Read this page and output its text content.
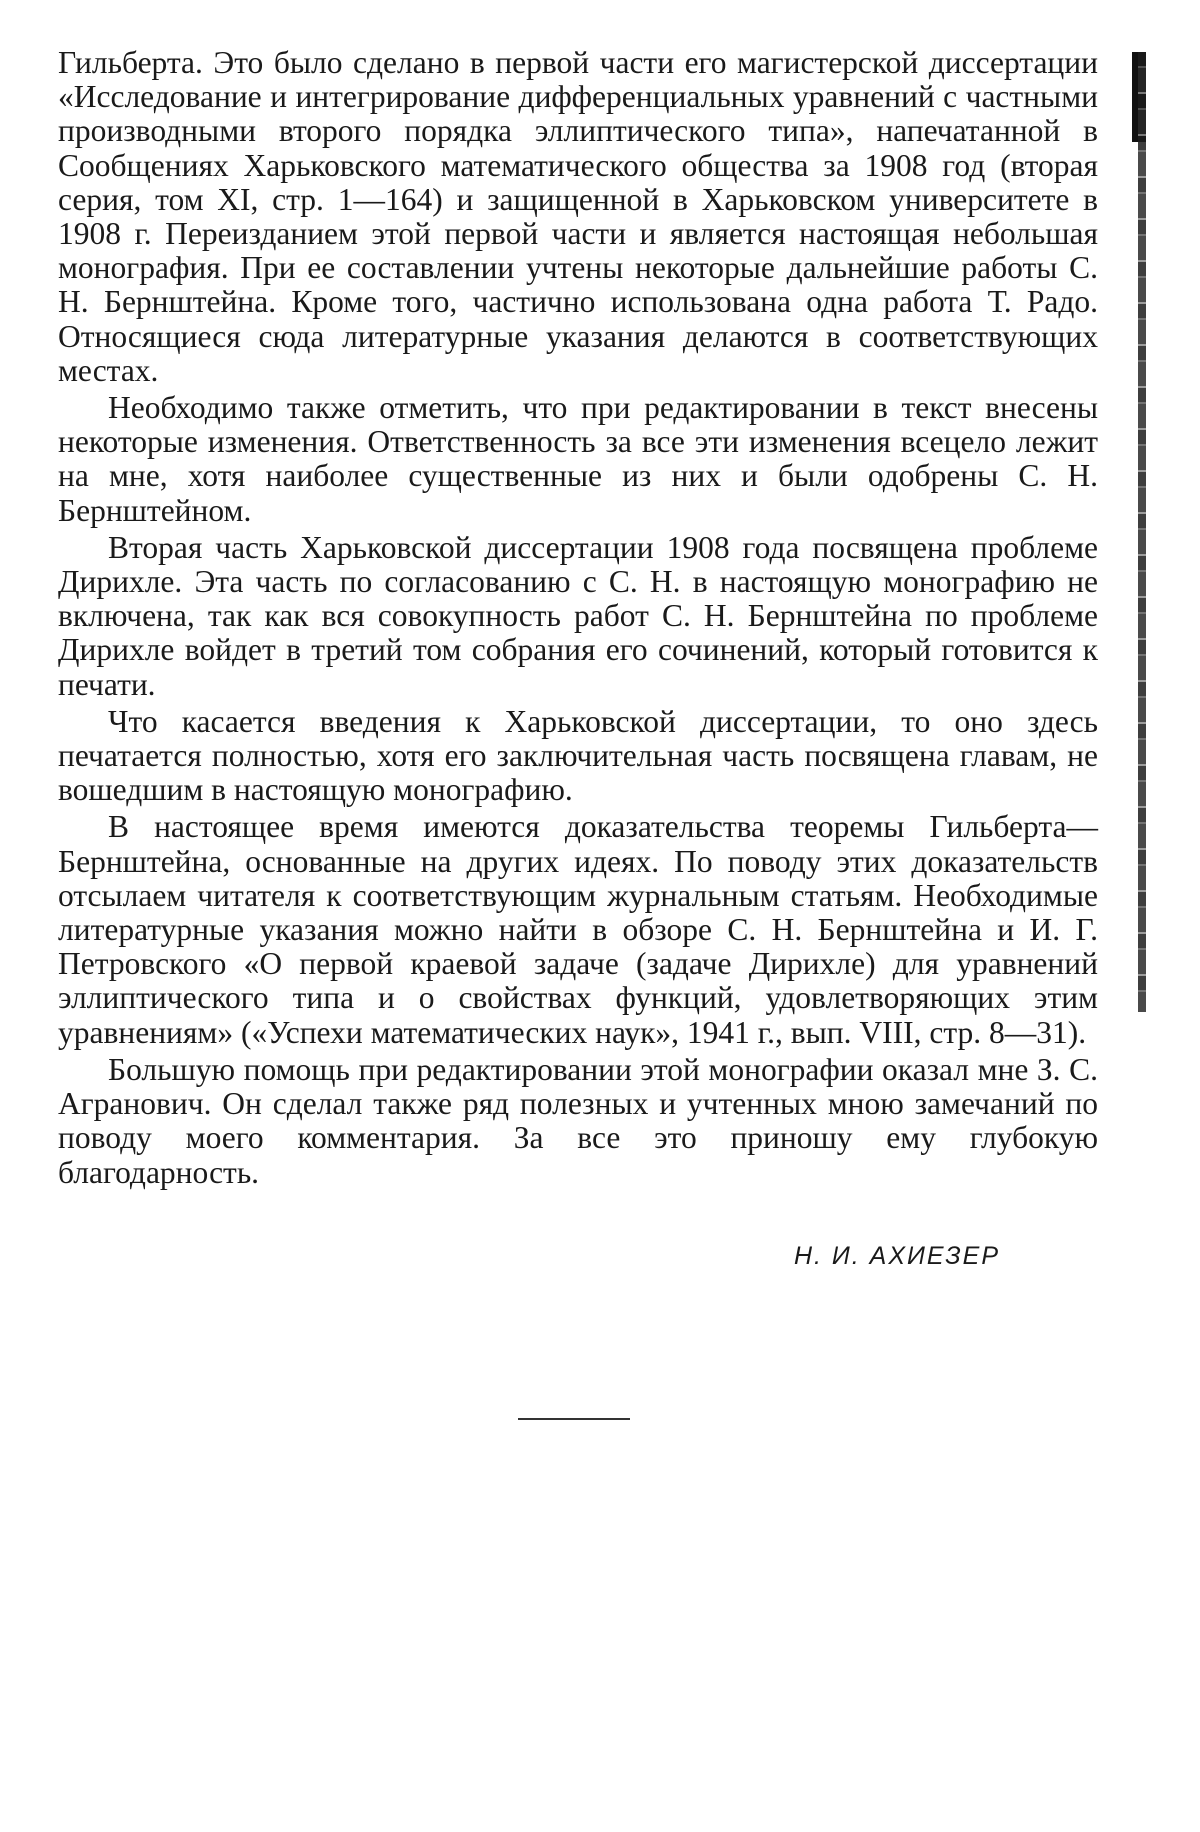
Гильберта. Это было сделано в первой части его магистерской диссертации «Исследование и интегрирование дифференциальных уравнений с частными производными второго порядка эллиптического типа», напечатанной в Сообщениях Харьковского математического общества за 1908 год (вторая серия, том XI, стр. 1—164) и защищенной в Харьковском университете в 1908 г. Переизданием этой первой части и является настоящая небольшая монография. При ее составлении учтены некоторые дальнейшие работы С. Н. Бернштейна. Кроме того, частично использована одна работа Т. Радо. Относящиеся сюда литературные указания делаются в соответствующих местах.

Необходимо также отметить, что при редактировании в текст внесены некоторые изменения. Ответственность за все эти изменения всецело лежит на мне, хотя наиболее существенные из них и были одобрены С. Н. Бернштейном.

Вторая часть Харьковской диссертации 1908 года посвящена проблеме Дирихле. Эта часть по согласованию с С. Н. в настоящую монографию не включена, так как вся совокупность работ С. Н. Бернштейна по проблеме Дирихле войдет в третий том собрания его сочинений, который готовится к печати.

Что касается введения к Харьковской диссертации, то оно здесь печатается полностью, хотя его заключительная часть посвящена главам, не вошедшим в настоящую монографию.

В настоящее время имеются доказательства теоремы Гильберта—Бернштейна, основанные на других идеях. По поводу этих доказательств отсылаем читателя к соответствующим журнальным статьям. Необходимые литературные указания можно найти в обзоре С. Н. Бернштейна и И. Г. Петровского «О первой краевой задаче (задаче Дирихле) для уравнений эллиптического типа и о свойствах функций, удовлетворяющих этим уравнениям» («Успехи математических наук», 1941 г., вып. VIII, стр. 8—31).

Большую помощь при редактировании этой монографии оказал мне З. С. Агранович. Он сделал также ряд полезных и учтенных мною замечаний по поводу моего комментария. За все это приношу ему глубокую благодарность.

Н. И. АХИЕЗЕР
